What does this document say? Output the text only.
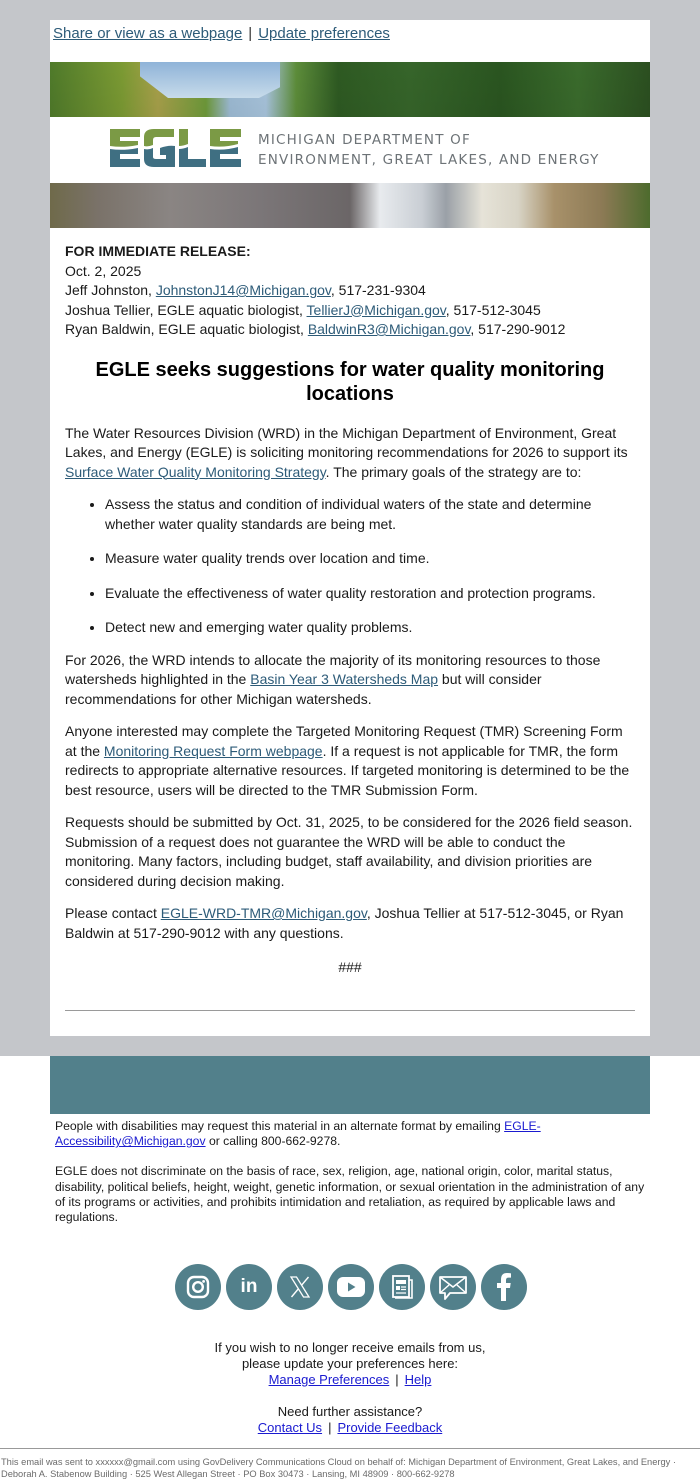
Share or view as a webpage | Update preferences
MICHIGAN DEPARTMENT OF
ENVIRONMENT, GREAT LAKES, AND ENERGY
FOR IMMEDIATE RELEASE:
Oct. 2, 2025
Jeff Johnston, JohnstonJ14@Michigan.gov, 517-231-9304
Joshua Tellier, EGLE aquatic biologist, TellierJ@Michigan.gov, 517-512-3045
Ryan Baldwin, EGLE aquatic biologist, BaldwinR3@Michigan.gov, 517-290-9012
EGLE seeks suggestions for water quality monitoring locations

The Water Resources Division (WRD) in the Michigan Department of Environment, Great Lakes, and Energy (EGLE) is soliciting monitoring recommendations for 2026 to support its Surface Water Quality Monitoring Strategy. The primary goals of the strategy are to:

• Assess the status and condition of individual waters of the state and determine whether water quality standards are being met.
• Measure water quality trends over location and time.
• Evaluate the effectiveness of water quality restoration and protection programs.
• Detect new and emerging water quality problems.

For 2026, the WRD intends to allocate the majority of its monitoring resources to those watersheds highlighted in the Basin Year 3 Watersheds Map but will consider recommendations for other Michigan watersheds.

Anyone interested may complete the Targeted Monitoring Request (TMR) Screening Form at the Monitoring Request Form webpage. If a request is not applicable for TMR, the form redirects to appropriate alternative resources. If targeted monitoring is determined to be the best resource, users will be directed to the TMR Submission Form.

Requests should be submitted by Oct. 31, 2025, to be considered for the 2026 field season. Submission of a request does not guarantee the WRD will be able to conduct the monitoring. Many factors, including budget, staff availability, and division priorities are considered during decision making.

Please contact EGLE-WRD-TMR@Michigan.gov, Joshua Tellier at 517-512-3045, or Ryan Baldwin at 517-290-9012 with any questions.

###

People with disabilities may request this material in an alternate format by emailing EGLE-Accessibility@Michigan.gov or calling 800-662-9278.

EGLE does not discriminate on the basis of race, sex, religion, age, national origin, color, marital status, disability, political beliefs, height, weight, genetic information, or sexual orientation in the administration of any of its programs or activities, and prohibits intimidation and retaliation, as required by applicable laws and regulations.

in
If you wish to no longer receive emails from us,
please update your preferences here:
Manage Preferences | Help
Need further assistance?
Contact Us | Provide Feedback
This email was sent to xxxxxx@gmail.com using GovDelivery Communications Cloud on behalf of: Michigan Department of Environment, Great Lakes, and Energy · Deborah A. Stabenow Building · 525 West Allegan Street · PO Box 30473 · Lansing, MI 48909 · 800-662-9278
